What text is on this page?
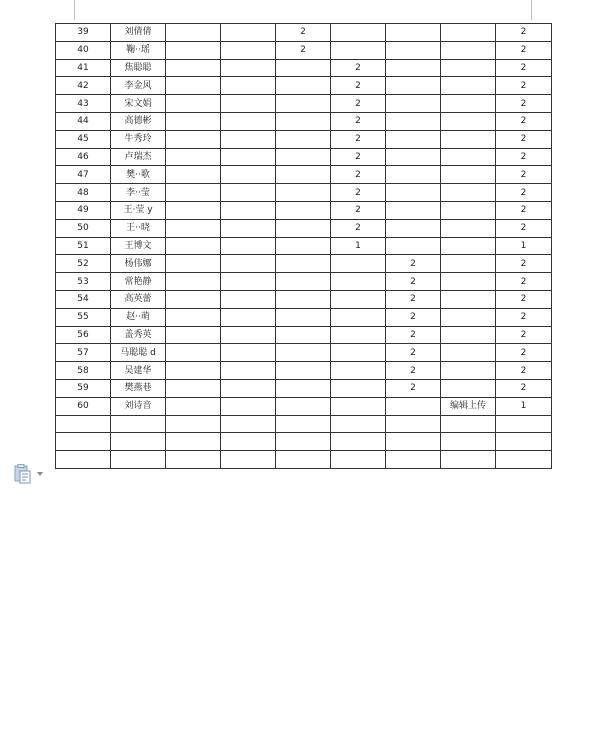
39	刘倩倩			2				2
40	鞠··瑶			2				2
41	焦聪聪				2			2
42	李金风				2			2
43	宋文娟				2			2
44	高德彬				2			2
45	牛秀玲				2			2
46	卢瑞杰				2			2
47	樊··歌				2			2
48	李··莹				2			2
49	王·莹 y				2			2
50	王··晓				2			2
51	王博文				1			1
52	杨伟娜					2		2
53	常艳静					2		2
54	高英蕾					2		2
55	赵··萌					2		2
56	盖秀英					2		2
57	马聪聪 d					2		2
58	吴建华					2		2
59	樊燕巷					2		2
60	刘诗音						编辑上传	1
